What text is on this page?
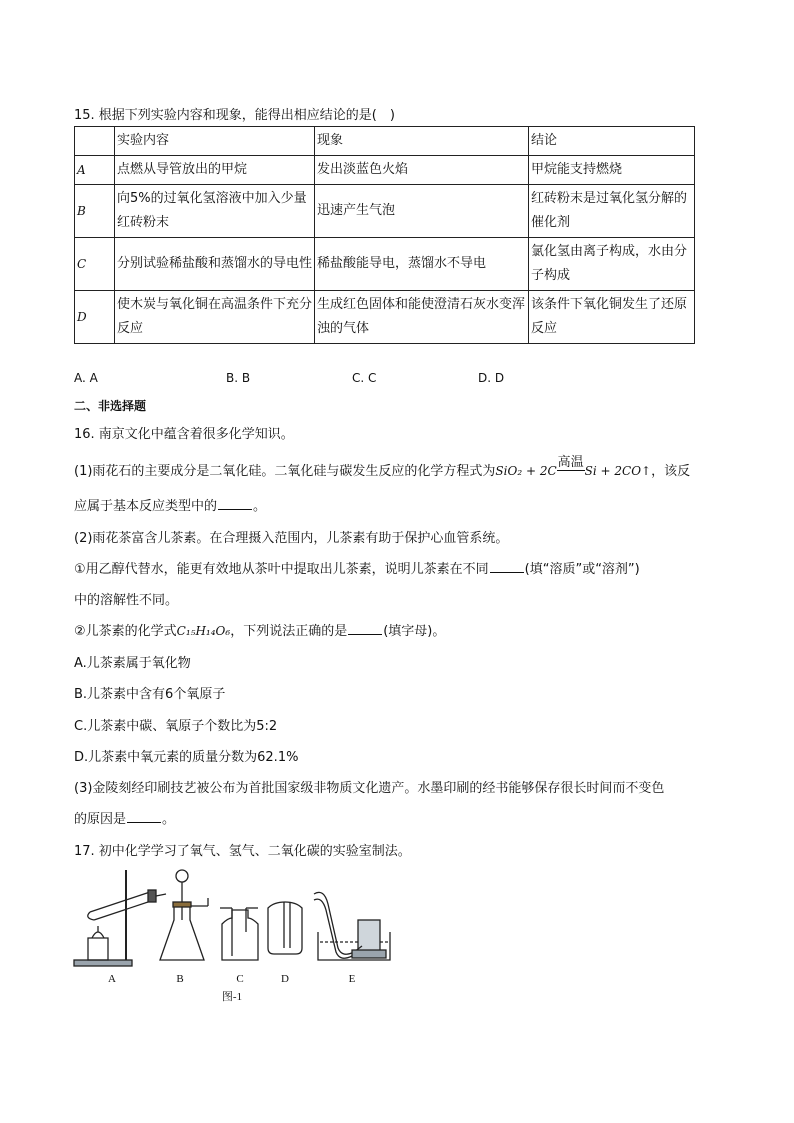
15. 根据下列实验内容和现象，能得出相应结论的是(　)
	实验内容	现象	结论
A	点燃从导管放出的甲烷	发出淡蓝色火焰	甲烷能支持燃烧
B	向5%的过氧化氢溶液中加入少量红砖粉末	迅速产生气泡	红砖粉末是过氧化氢分解的催化剂
C	分别试验稀盐酸和蒸馏水的导电性	稀盐酸能导电，蒸馏水不导电	氯化氢由离子构成，水由分子构成
D	使木炭与氧化铜在高温条件下充分反应	生成红色固体和能使澄清石灰水变浑浊的气体	该条件下氧化铜发生了还原反应
A. A	B. B	C. C	D. D
二、非选择题
16. 南京文化中蕴含着很多化学知识。
(1)雨花石的主要成分是二氧化硅。二氧化硅与碳发生反应的化学方程式为SiO₂ + 2C高温Si + 2CO↑，该反
应属于基本反应类型中的	。
(2)雨花茶富含儿茶素。在合理摄入范围内，儿茶素有助于保护心血管系统。
①用乙醇代替水，能更有效地从茶叶中提取出儿茶素，说明儿茶素在不同	(填“溶质”或“溶剂”)
中的溶解性不同。
②儿茶素的化学式C₁₅H₁₄O₆，下列说法正确的是	(填字母)。
A.儿茶素属于氧化物
B.儿茶素中含有6个氧原子
C.儿茶素中碳、氧原子个数比为5:2
D.儿茶素中氧元素的质量分数为62.1%
(3)金陵刻经印刷技艺被公布为首批国家级非物质文化遗产。水墨印刷的经书能够保存很长时间而不变色
的原因是	。
17. 初中化学学习了氧气、氢气、二氧化碳的实验室制法。
A	B	C	D	E
图-1
